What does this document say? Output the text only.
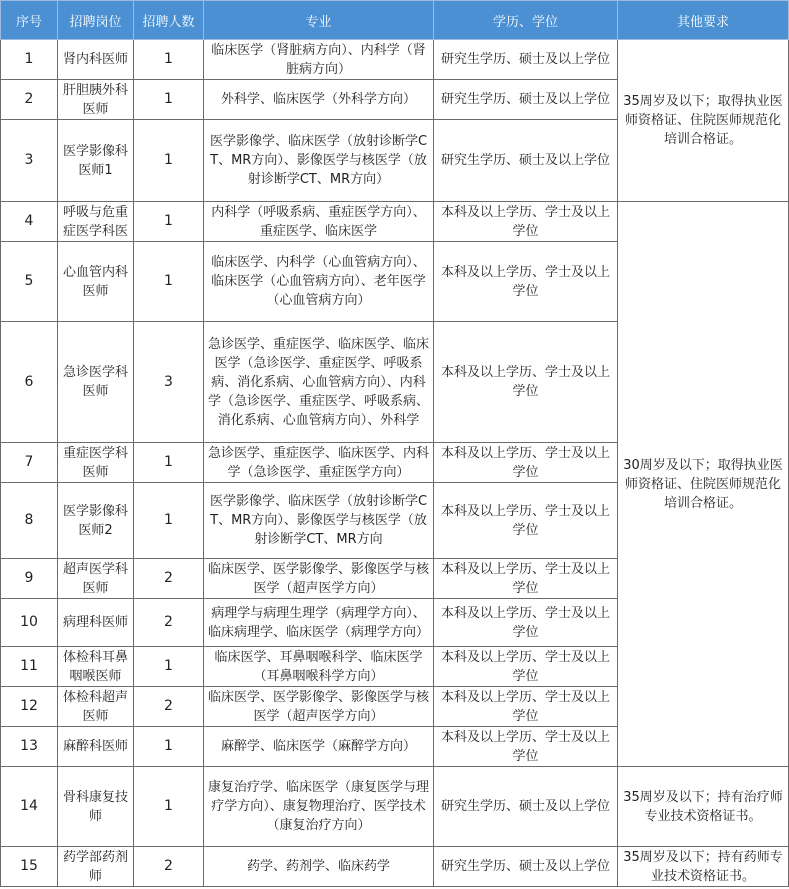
序号	招聘岗位	招聘人数	专业	学历、学位	其他要求
1	肾内科医师	1	临床医学（肾脏病方向）、内科学（肾脏病方向）	研究生学历、硕士及以上学位	35周岁及以下；取得执业医师资格证、住院医师规范化培训合格证。
2	肝胆胰外科医师	1	外科学、临床医学（外科学方向）	研究生学历、硕士及以上学位	
3	医学影像科医师1	1	医学影像学、临床医学（放射诊断学CT、MR方向）、影像医学与核医学（放射诊断学CT、MR方向）	研究生学历、硕士及以上学位	
4	呼吸与危重症医学科医	1	内科学（呼吸系病、重症医学方向）、重症医学、临床医学	本科及以上学历、学士及以上学位	30周岁及以下；取得执业医师资格证、住院医师规范化培训合格证。
5	心血管内科医师	1	临床医学、内科学（心血管病方向）、临床医学（心血管病方向）、老年医学（心血管病方向）	本科及以上学历、学士及以上学位	
6	急诊医学科医师	3	急诊医学、重症医学、临床医学、临床医学（急诊医学、重症医学、呼吸系病、消化系病、心血管病方向）、内科学（急诊医学、重症医学、呼吸系病、消化系病、心血管病方向）、外科学	本科及以上学历、学士及以上学位	
7	重症医学科医师	1	急诊医学、重症医学、临床医学、内科学（急诊医学、重症医学方向）	本科及以上学历、学士及以上学位	
8	医学影像科医师2	1	医学影像学、临床医学（放射诊断学CT、MR方向）、影像医学与核医学（放射诊断学CT、MR方向	本科及以上学历、学士及以上学位	
9	超声医学科医师	2	临床医学、医学影像学、影像医学与核医学（超声医学方向）	本科及以上学历、学士及以上学位	
10	病理科医师	2	病理学与病理生理学（病理学方向）、临床病理学、临床医学（病理学方向）	本科及以上学历、学士及以上学位	
11	体检科耳鼻咽喉医师	1	临床医学、耳鼻咽喉科学、临床医学（耳鼻咽喉科学方向）	本科及以上学历、学士及以上学位	
12	体检科超声医师	2	临床医学、医学影像学、影像医学与核医学（超声医学方向）	本科及以上学历、学士及以上学位	
13	麻醉科医师	1	麻醉学、临床医学（麻醉学方向）	本科及以上学历、学士及以上学位	
14	骨科康复技师	1	康复治疗学、临床医学（康复医学与理疗学方向）、康复物理治疗、医学技术（康复治疗方向）	研究生学历、硕士及以上学位	35周岁及以下；持有治疗师专业技术资格证书。
15	药学部药剂师	2	药学、药剂学、临床药学	研究生学历、硕士及以上学位	35周岁及以下；持有药师专业技术资格证书。
